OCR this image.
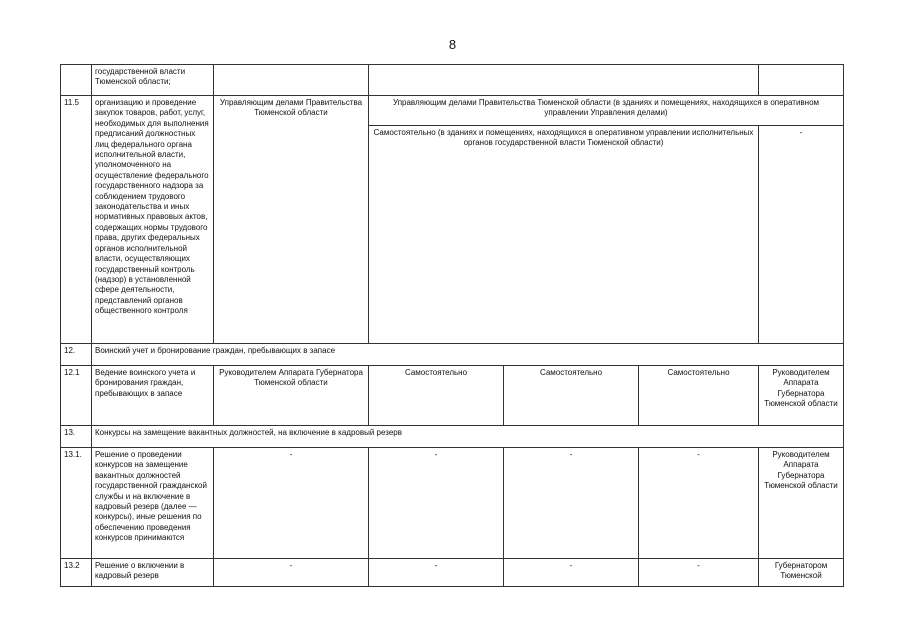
8
	государственной власти Тюменской области;					
11.5	организацию и проведение закупок товаров, работ, услуг, необходимых для выполнения предписаний должностных лиц федерального органа исполнительной власти, уполномоченного на осуществление федерального государственного надзора за соблюдением трудового законодательства и иных нормативных правовых актов, содержащих нормы трудового права, других федеральных органов исполнительной власти, осуществляющих государственный контроль (надзор) в установленной сфере деятельности, представлений органов общественного контроля	Управляющим делами Правительства Тюменской области	Управляющим делами Правительства Тюменской области (в зданиях и помещениях, находящихся в оперативном управлении Управления делами)			
			Самостоятельно (в зданиях и помещениях, находящихся в оперативном управлении исполнительных органов государственной власти Тюменской области)			-
12.	Воинский учет и бронирование граждан, пребывающих в запасе					
12.1	Ведение воинского учета и бронирования граждан, пребывающих в запасе	Руководителем Аппарата Губернатора Тюменской области	Самостоятельно	Самостоятельно	Самостоятельно	Руководителем Аппарата Губернатора Тюменской области
13.	Конкурсы на замещение вакантных должностей, на включение в кадровый резерв					
13.1.	Решение о проведении конкурсов на замещение вакантных должностей государственной гражданской службы и на включение в кадровый резерв (далее — конкурсы), иные решения по обеспечению проведения конкурсов принимаются	-	-	-	-	Руководителем Аппарата Губернатора Тюменской области
13.2	Решение о включении в кадровый резерв	-	-	-	-	Губернатором Тюменской
